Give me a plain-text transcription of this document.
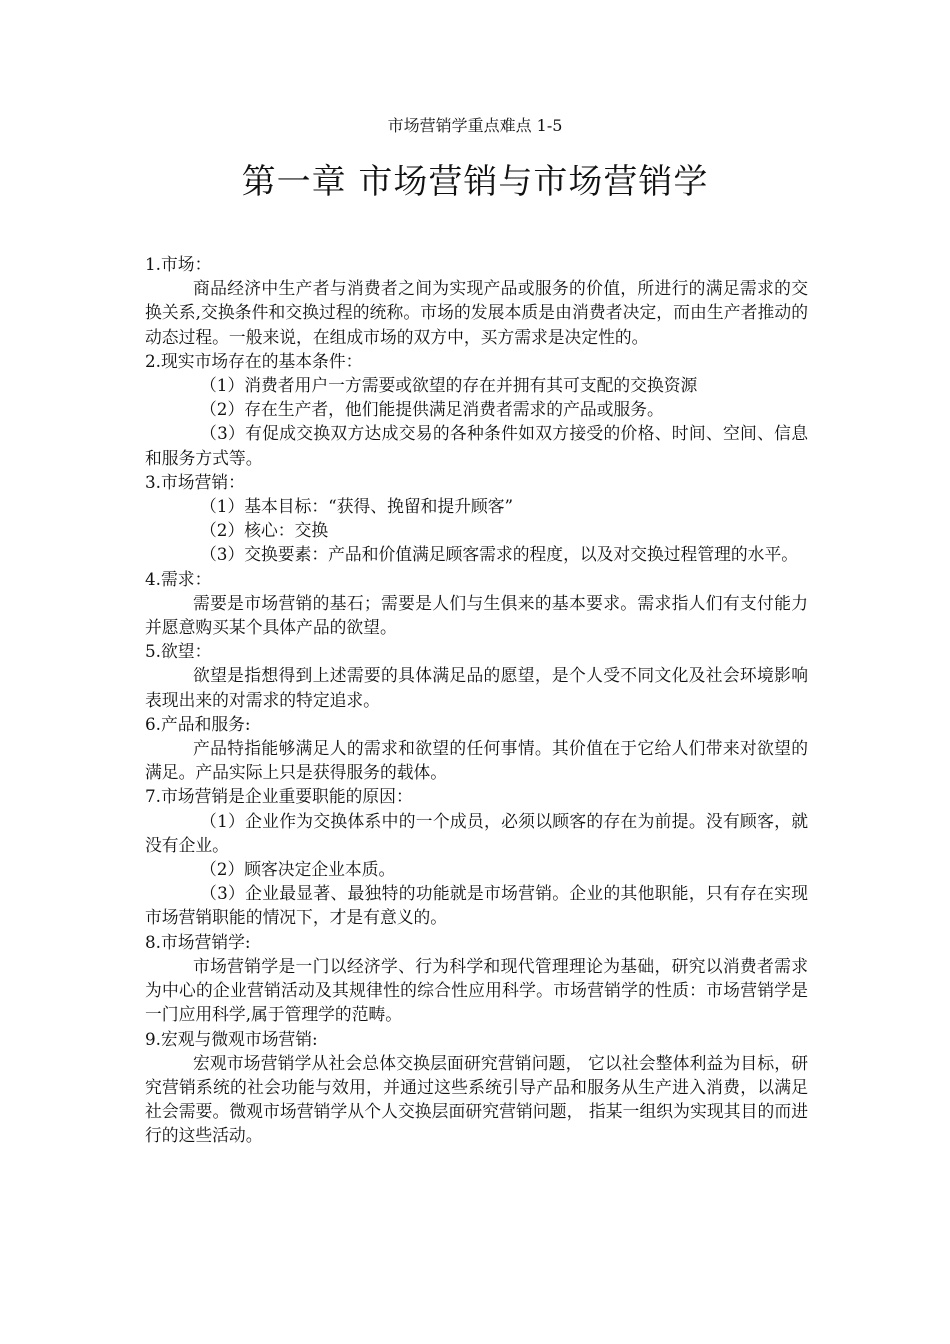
市场营销学重点难点 1-5
第一章 市场营销与市场营销学

1.市场：

商品经济中生产者与消费者之间为实现产品或服务的价值，所进行的满足需求的交换关系,交换条件和交换过程的统称。市场的发展本质是由消费者决定，而由生产者推动的动态过程。一般来说，在组成市场的双方中，买方需求是决定性的。

2.现实市场存在的基本条件：

（1）消费者用户一方需要或欲望的存在并拥有其可支配的交换资源

（2）存在生产者，他们能提供满足消费者需求的产品或服务。

（3）有促成交换双方达成交易的各种条件如双方接受的价格、时间、空间、信息和服务方式等。

3.市场营销：

（1）基本目标：“获得、挽留和提升顾客”

（2）核心：交换

（3）交换要素：产品和价值满足顾客需求的程度，以及对交换过程管理的水平。

4.需求：

需要是市场营销的基石；需要是人们与生俱来的基本要求。需求指人们有支付能力并愿意购买某个具体产品的欲望。

5.欲望：

欲望是指想得到上述需要的具体满足品的愿望，是个人受不同文化及社会环境影响表现出来的对需求的特定追求。

6.产品和服务:

产品特指能够满足人的需求和欲望的任何事情。其价值在于它给人们带来对欲望的满足。产品实际上只是获得服务的载体。

7.市场营销是企业重要职能的原因：

（1）企业作为交换体系中的一个成员，必须以顾客的存在为前提。没有顾客，就没有企业。

（2）顾客决定企业本质。

（3）企业最显著、最独特的功能就是市场营销。企业的其他职能，只有存在实现市场营销职能的情况下，才是有意义的。

8.市场营销学:

市场营销学是一门以经济学、行为科学和现代管理理论为基础，研究以消费者需求为中心的企业营销活动及其规律性的综合性应用科学。市场营销学的性质：市场营销学是一门应用科学,属于管理学的范畴。

9.宏观与微观市场营销:

宏观市场营销学从社会总体交换层面研究营销问题， 它以社会整体利益为目标，研究营销系统的社会功能与效用，并通过这些系统引导产品和服务从生产进入消费，以满足社会需要。微观市场营销学从个人交换层面研究营销问题， 指某一组织为实现其目的而进行的这些活动。
